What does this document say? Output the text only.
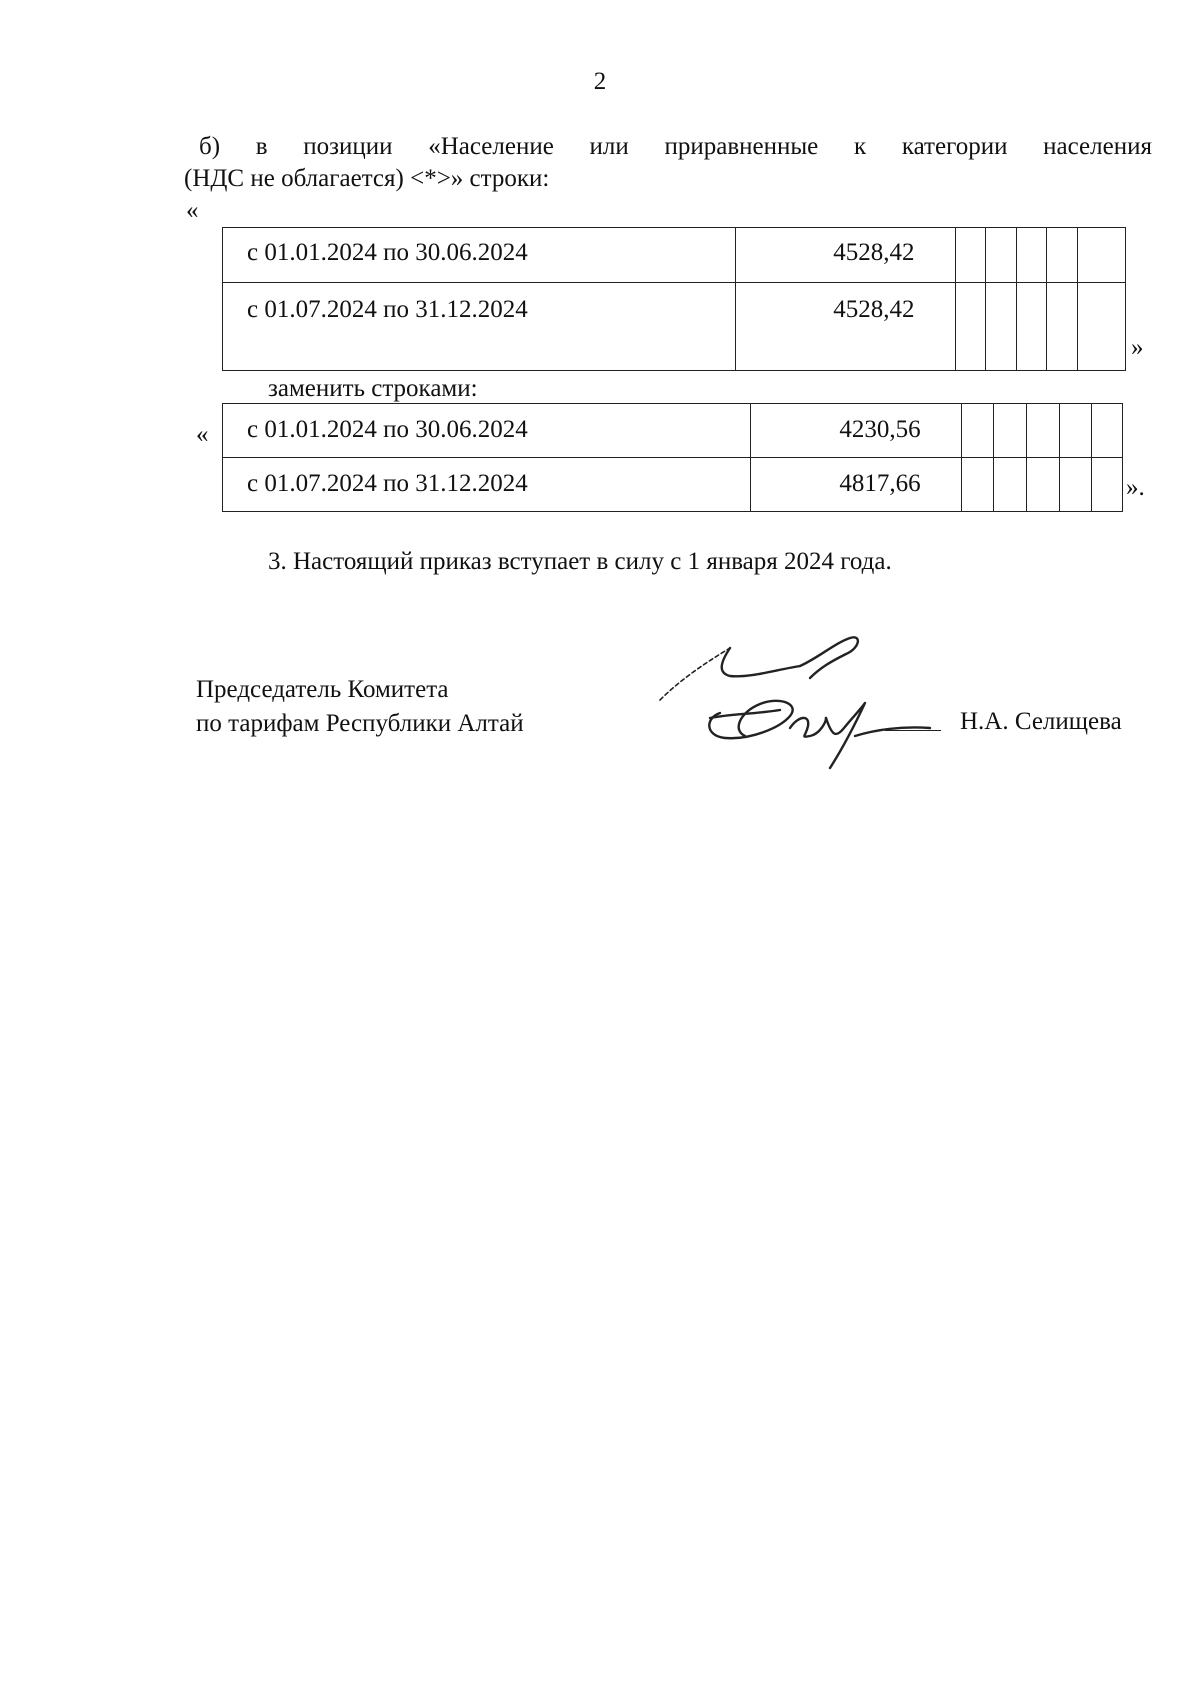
2
б) в позиции «Население или приравненные к категории населения
(НДС не облагается) <*>» строки:
«
с 01.01.2024 по 30.06.2024	4528,42					
с 01.07.2024 по 31.12.2024	4528,42					
»
заменить строками:
« с 01.01.2024 по 30.06.2024	4230,56					
с 01.07.2024 по 31.12.2024	4817,66						».
3. Настоящий приказ вступает в силу с 1 января 2024 года.
Председатель Комитета
по тарифам Республики Алтай	Н.А. Селищева
